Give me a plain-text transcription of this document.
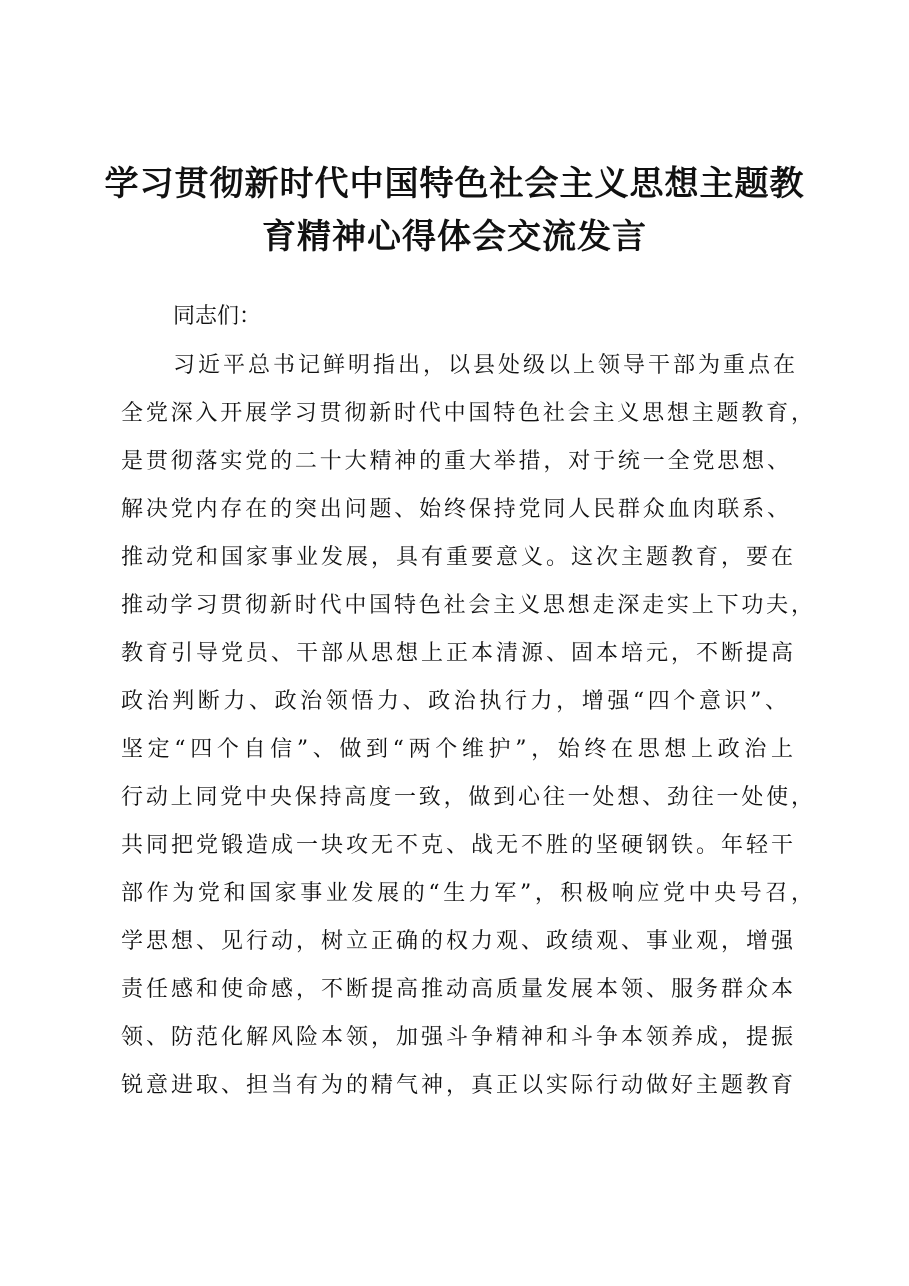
学习贯彻新时代中国特色社会主义思想主题教
育精神心得体会交流发言
同志们：
习近平总书记鲜明指出，以县处级以上领导干部为重点在
全党深入开展学习贯彻新时代中国特色社会主义思想主题教育，
是贯彻落实党的二十大精神的重大举措，对于统一全党思想、
解决党内存在的突出问题、始终保持党同人民群众血肉联系、
推动党和国家事业发展，具有重要意义。这次主题教育，要在
推动学习贯彻新时代中国特色社会主义思想走深走实上下功夫，
教育引导党员、干部从思想上正本清源、固本培元，不断提高
政治判断力、政治领悟力、政治执行力，增强“四个意识”、
坚定“四个自信”、做到“两个维护”，始终在思想上政治上
行动上同党中央保持高度一致，做到心往一处想、劲往一处使，
共同把党锻造成一块攻无不克、战无不胜的坚硬钢铁。年轻干
部作为党和国家事业发展的“生力军”，积极响应党中央号召，
学思想、见行动，树立正确的权力观、政绩观、事业观，增强
责任感和使命感，不断提高推动高质量发展本领、服务群众本
领、防范化解风险本领，加强斗争精神和斗争本领养成，提振
锐意进取、担当有为的精气神，真正以实际行动做好主题教育
